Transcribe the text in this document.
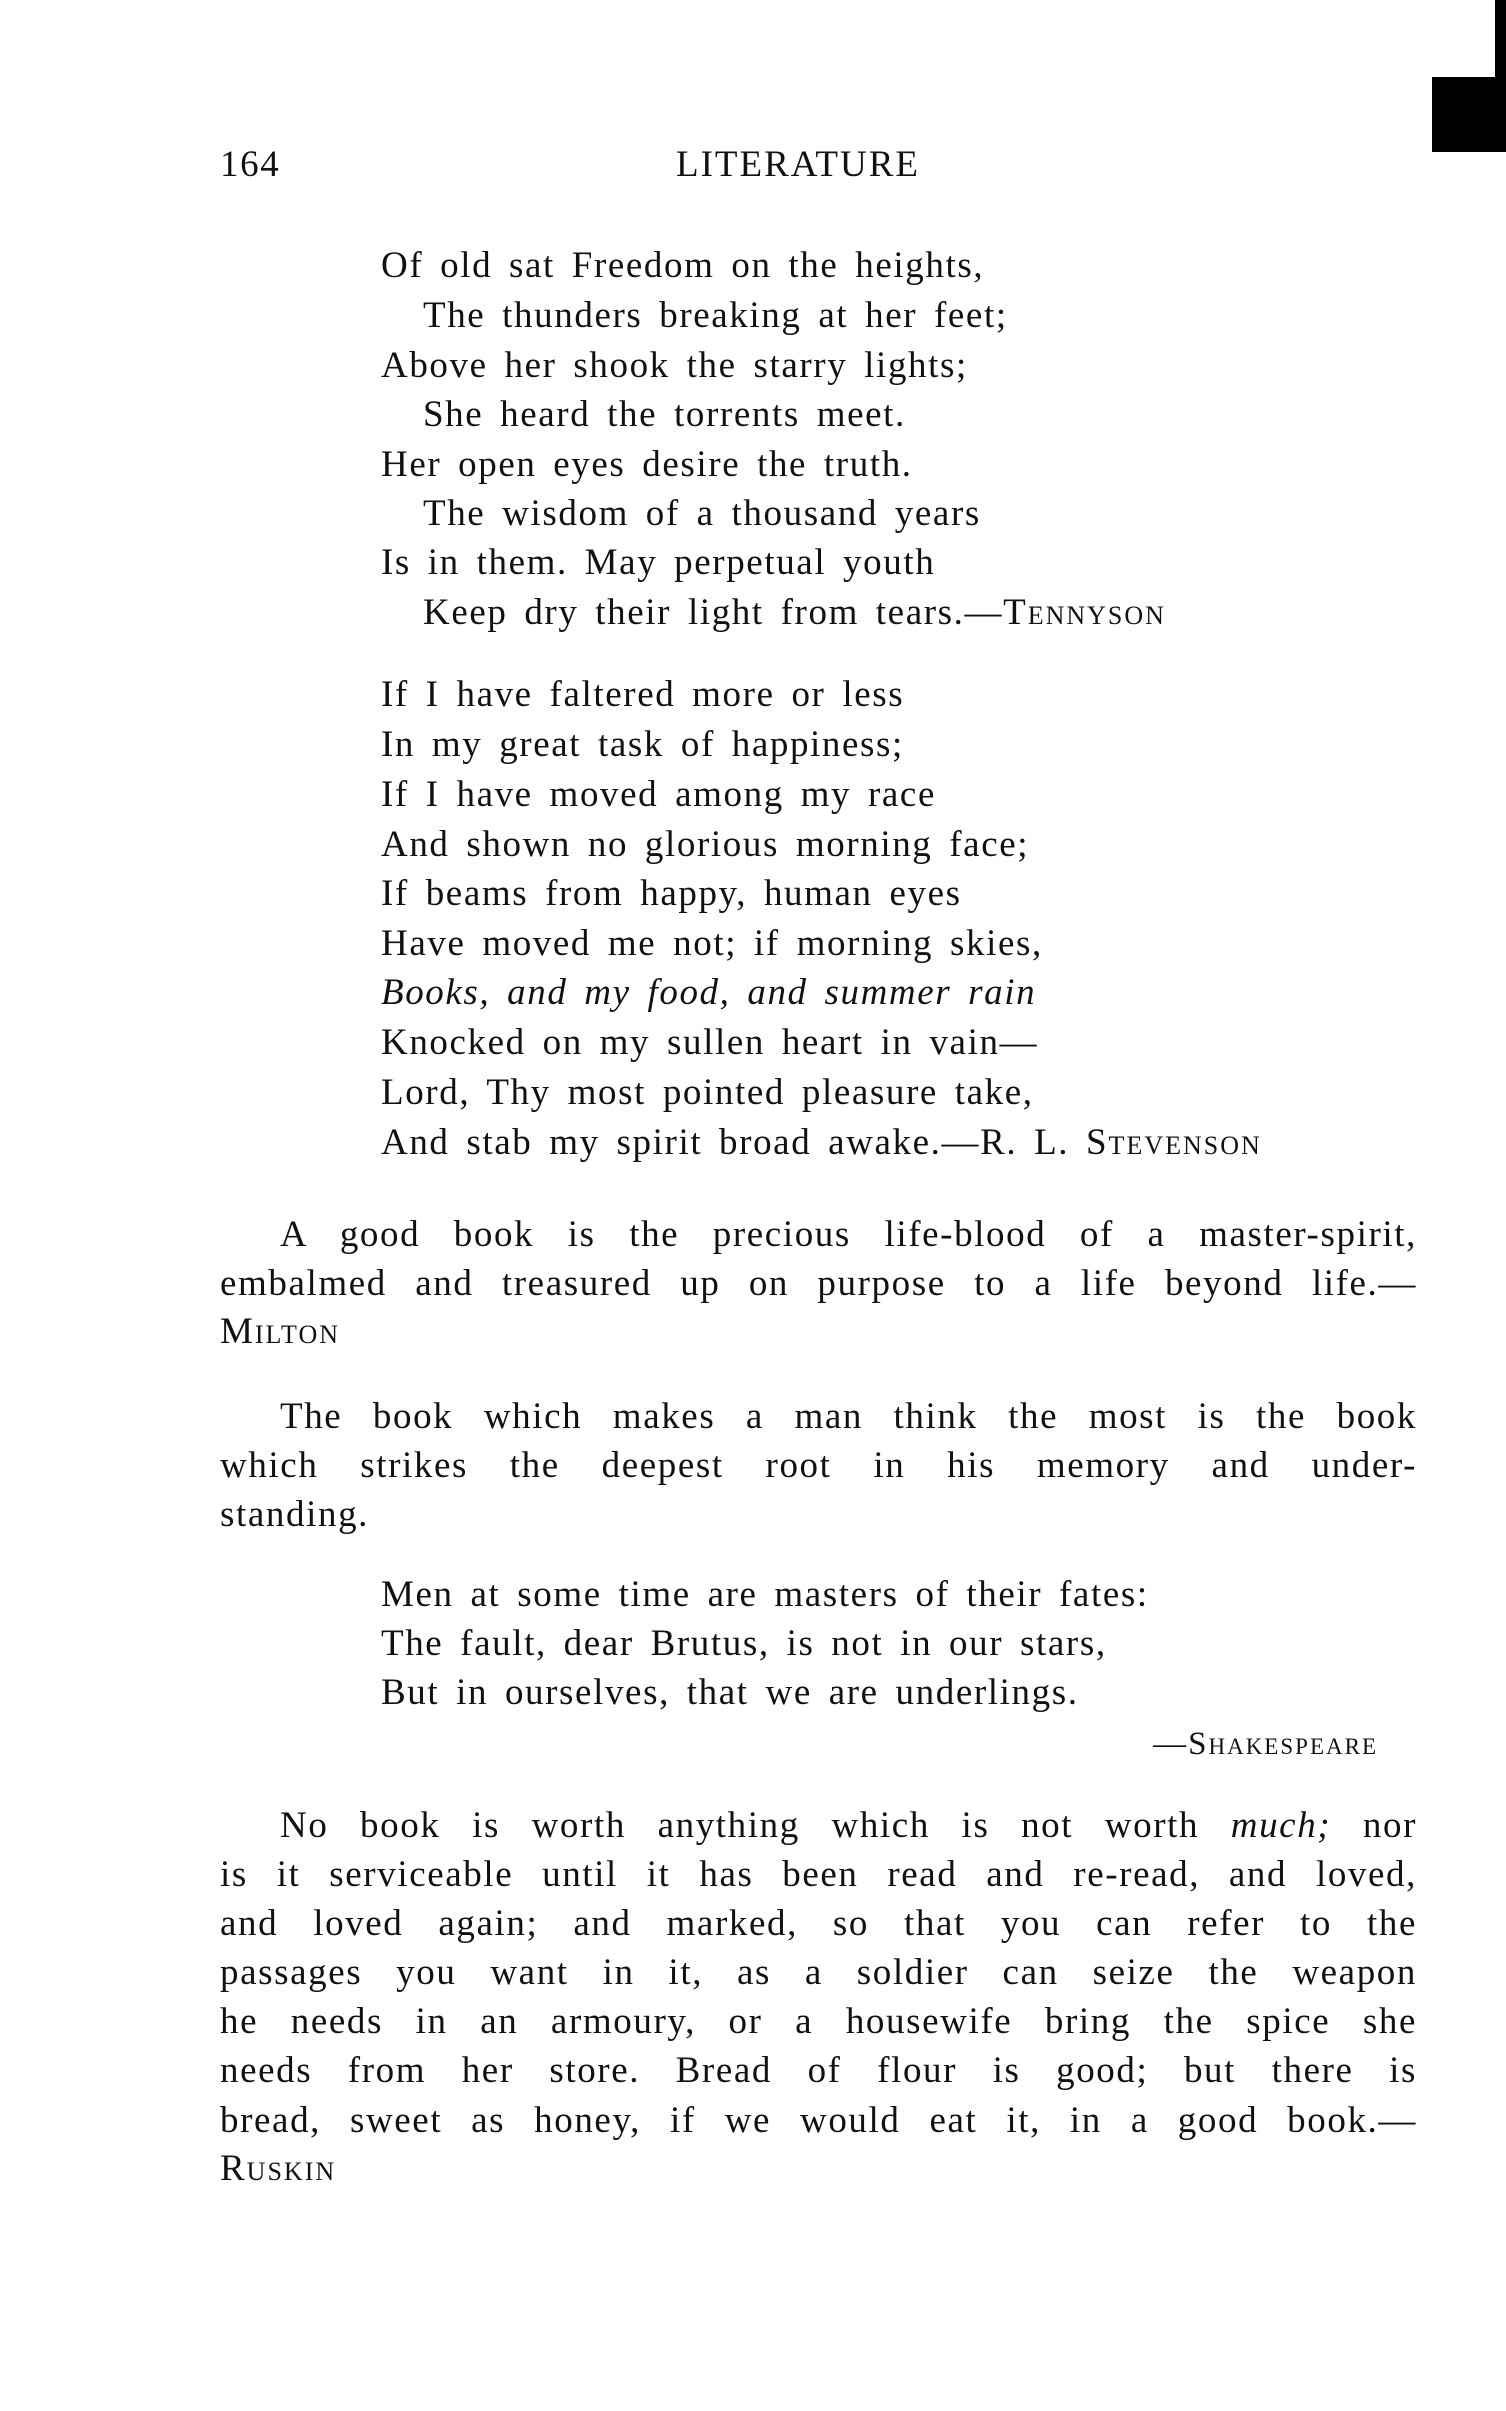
164	LITERATURE
Of old sat Freedom on the heights,
The thunders breaking at her feet;
Above her shook the starry lights;
She heard the torrents meet.
Her open eyes desire the truth.
The wisdom of a thousand years
Is in them. May perpetual youth
Keep dry their light from tears.—Tennyson
If I have faltered more or less
In my great task of happiness;
If I have moved among my race
And shown no glorious morning face;
If beams from happy, human eyes
Have moved me not; if morning skies,
Books, and my food, and summer rain
Knocked on my sullen heart in vain—
Lord, Thy most pointed pleasure take,
And stab my spirit broad awake.—R. L. Stevenson
A good book is the precious life-blood of a master-spirit,
embalmed and treasured up on purpose to a life beyond life.—
Milton
The book which makes a man think the most is the book
which strikes the deepest root in his memory and under-
standing.
Men at some time are masters of their fates:
The fault, dear Brutus, is not in our stars,
But in ourselves, that we are underlings.
—Shakespeare
No book is worth anything which is not worth much; nor
is it serviceable until it has been read and re-read, and loved,
and loved again; and marked, so that you can refer to the
passages you want in it, as a soldier can seize the weapon
he needs in an armoury, or a housewife bring the spice she
needs from her store. Bread of flour is good; but there is
bread, sweet as honey, if we would eat it, in a good book.—
Ruskin
